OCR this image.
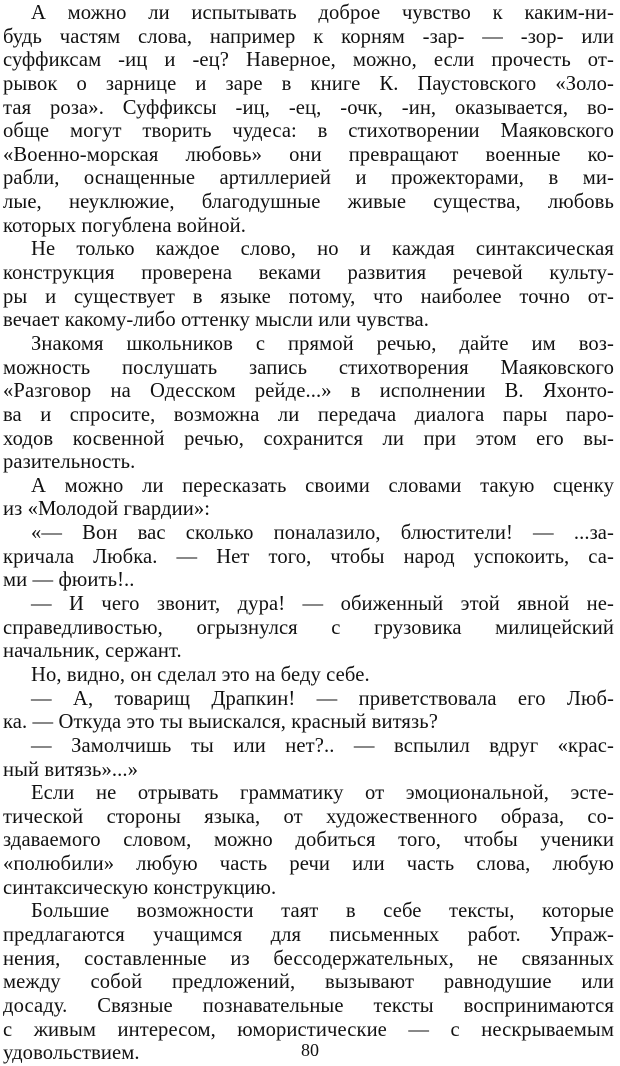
А можно ли испытывать доброе чувство к каким-ни-
будь частям слова, например к корням -зар- — -зор- или
суффиксам -иц и -ец? Наверное, можно, если прочесть от-
рывок о зарнице и заре в книге К. Паустовского «Золо-
тая роза». Суффиксы -иц, -ец, -очк, -ин, оказывается, во-
обще могут творить чудеса: в стихотворении Маяковского
«Военно-морская любовь» они превращают военные ко-
рабли, оснащенные артиллерией и прожекторами, в ми-
лые, неуклюжие, благодушные живые существа, любовь
которых погублена войной.
Не только каждое слово, но и каждая синтаксическая
конструкция проверена веками развития речевой культу-
ры и существует в языке потому, что наиболее точно от-
вечает какому-либо оттенку мысли или чувства.
Знакомя школьников с прямой речью, дайте им воз-
можность послушать запись стихотворения Маяковского
«Разговор на Одесском рейде...» в исполнении В. Яхонто-
ва и спросите, возможна ли передача диалога пары паро-
ходов косвенной речью, сохранится ли при этом его вы-
разительность.
А можно ли пересказать своими словами такую сценку
из «Молодой гвардии»:
«— Вон вас сколько поналазило, блюстители! — ...за-
кричала Любка. — Нет того, чтобы народ успокоить, са-
ми — фюить!..
— И чего звонит, дура! — обиженный этой явной не-
справедливостью, огрызнулся с грузовика милицейский
начальник, сержант.
Но, видно, он сделал это на беду себе.
— А, товарищ Драпкин! — приветствовала его Люб-
ка. — Откуда это ты выискался, красный витязь?
— Замолчишь ты или нет?.. — вспылил вдруг «крас-
ный витязь»...»
Если не отрывать грамматику от эмоциональной, эсте-
тической стороны языка, от художественного образа, со-
здаваемого словом, можно добиться того, чтобы ученики
«полюбили» любую часть речи или часть слова, любую
синтаксическую конструкцию.
Большие возможности таят в себе тексты, которые
предлагаются учащимся для письменных работ. Упраж-
нения, составленные из бессодержательных, не связанных
между собой предложений, вызывают равнодушие или
досаду. Связные познавательные тексты воспринимаются
с живым интересом, юмористические — с нескрываемым
удовольствием.	80
